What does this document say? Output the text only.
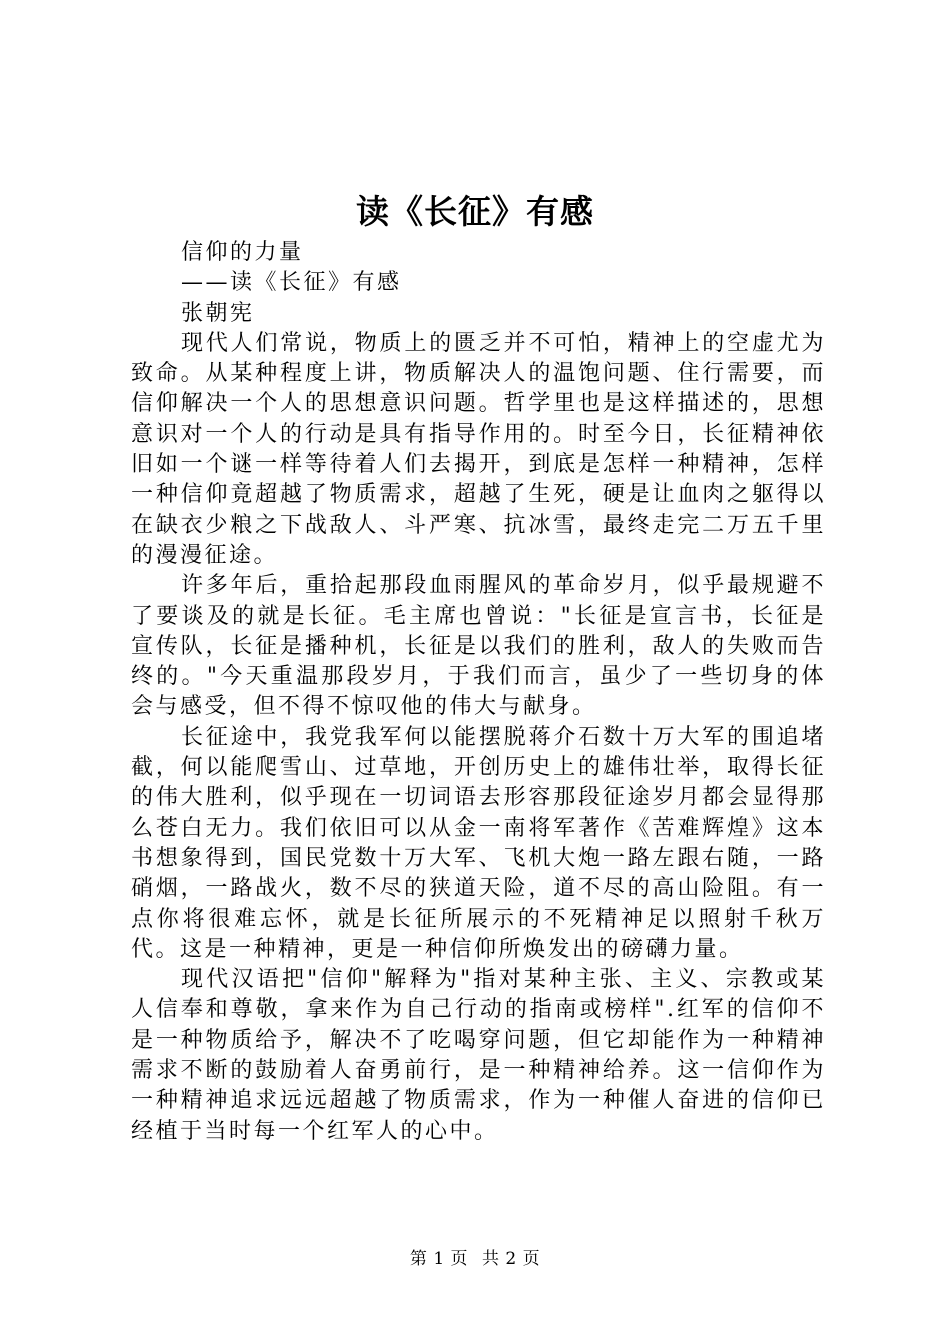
读《长征》有感

信仰的力量

——读《长征》有感

张朝宪

现代人们常说，物质上的匮乏并不可怕，精神上的空虚尤为致命。从某种程度上讲，物质解决人的温饱问题、住行需要，而信仰解决一个人的思想意识问题。哲学里也是这样描述的，思想意识对一个人的行动是具有指导作用的。时至今日，长征精神依旧如一个谜一样等待着人们去揭开，到底是怎样一种精神，怎样一种信仰竟超越了物质需求，超越了生死，硬是让血肉之躯得以在缺衣少粮之下战敌人、斗严寒、抗冰雪，最终走完二万五千里的漫漫征途。

许多年后，重拾起那段血雨腥风的革命岁月，似乎最规避不了要谈及的就是长征。毛主席也曾说："长征是宣言书，长征是宣传队，长征是播种机，长征是以我们的胜利，敌人的失败而告终的。"今天重温那段岁月，于我们而言，虽少了一些切身的体会与感受，但不得不惊叹他的伟大与献身。

长征途中，我党我军何以能摆脱蒋介石数十万大军的围追堵截，何以能爬雪山、过草地，开创历史上的雄伟壮举，取得长征的伟大胜利，似乎现在一切词语去形容那段征途岁月都会显得那么苍白无力。我们依旧可以从金一南将军著作《苦难辉煌》这本书想象得到，国民党数十万大军、飞机大炮一路左跟右随，一路硝烟，一路战火，数不尽的狭道天险，道不尽的高山险阻。有一点你将很难忘怀，就是长征所展示的不死精神足以照射千秋万代。这是一种精神，更是一种信仰所焕发出的磅礴力量。

现代汉语把"信仰"解释为"指对某种主张、主义、宗教或某人信奉和尊敬，拿来作为自己行动的指南或榜样".红军的信仰不是一种物质给予，解决不了吃喝穿问题，但它却能作为一种精神需求不断的鼓励着人奋勇前行，是一种精神给养。这一信仰作为一种精神追求远远超越了物质需求，作为一种催人奋进的信仰已经植于当时每一个红军人的心中。

第 1 页 共 2 页
